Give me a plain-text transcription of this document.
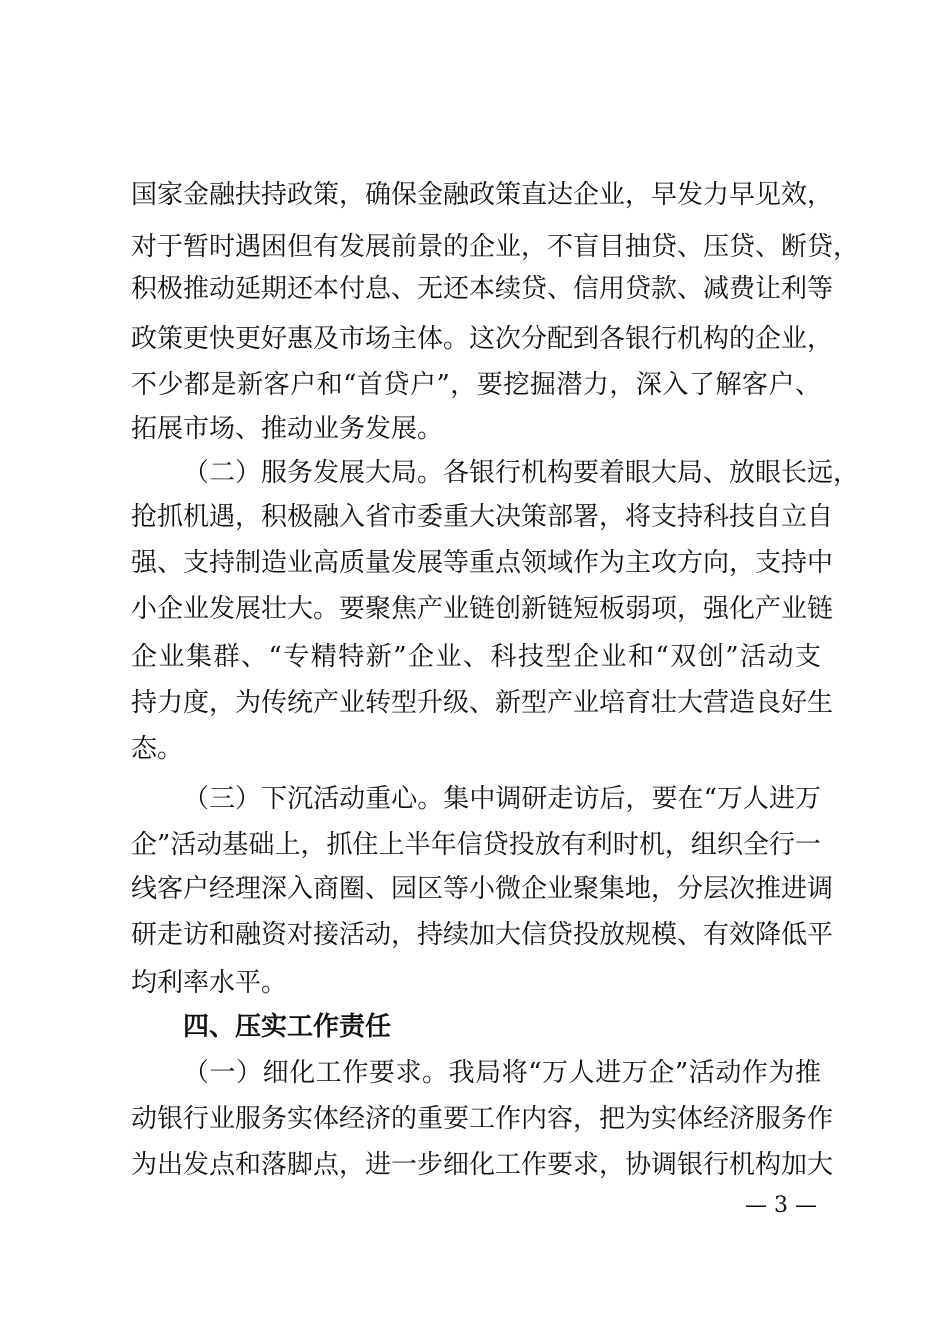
国家金融扶持政策，确保金融政策直达企业，早发力早见效，
对于暂时遇困但有发展前景的企业，不盲目抽贷、压贷、断贷，
积极推动延期还本付息、无还本续贷、信用贷款、减费让利等
政策更快更好惠及市场主体。这次分配到各银行机构的企业，
不少都是新客户和“首贷户”，要挖掘潜力，深入了解客户、
拓展市场、推动业务发展。
（二）服务发展大局。各银行机构要着眼大局、放眼长远，
抢抓机遇，积极融入省市委重大决策部署，将支持科技自立自
强、支持制造业高质量发展等重点领域作为主攻方向，支持中
小企业发展壮大。要聚焦产业链创新链短板弱项，强化产业链
企业集群、“专精特新”企业、科技型企业和“双创”活动支
持力度，为传统产业转型升级、新型产业培育壮大营造良好生
态。
（三）下沉活动重心。集中调研走访后，要在“万人进万
企”活动基础上，抓住上半年信贷投放有利时机，组织全行一
线客户经理深入商圈、园区等小微企业聚集地，分层次推进调
研走访和融资对接活动，持续加大信贷投放规模、有效降低平
均利率水平。
四、压实工作责任
（一）细化工作要求。我局将“万人进万企”活动作为推
动银行业服务实体经济的重要工作内容，把为实体经济服务作
为出发点和落脚点，进一步细化工作要求，协调银行机构加大
— 3 —
